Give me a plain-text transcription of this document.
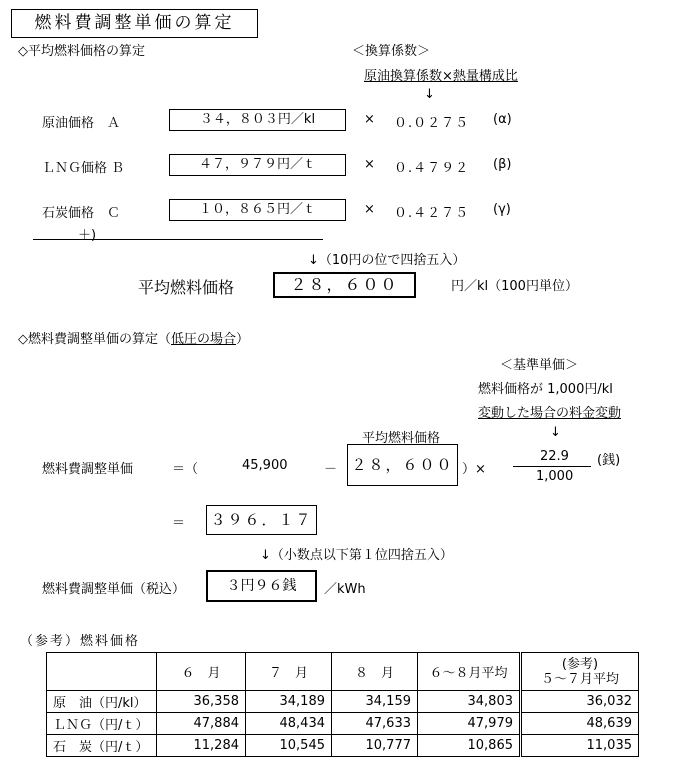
燃料費調整単価の算定
◇平均燃料価格の算定	＜換算係数＞
原油換算係数×熱量構成比
↓
原油価格　Ａ	３４，８０３円／kl	× ０.０２７５ (α)
ＬＮＧ価格 Ｂ	４７，９７９円／ｔ	× ０.４７９２ (β)
石炭価格　Ｃ	１０，８６５円／ｔ	× ０.４２７５ (γ)
＋)
↓（10円の位で四捨五入）
平均燃料価格	２８，６００	円／kl（100円単位）
◇燃料費調整単価の算定（低圧の場合）
＜基準単価＞
燃料価格が 1,000円/kl
変動した場合の料金変動
↓
平均燃料価格
燃料費調整単価	＝（	45,900	－ ２８，６００ ）×
22.9
1,000
(銭)
＝ ３９６．１７
↓（小数点以下第１位四捨五入）
燃料費調整単価（税込）	３円９６銭	／kWh
（参考）燃料価格
	６　月	７　月	８　月	６～８月平均	(参考)
５～７月平均

原　油（円/kl）	36,358	34,189	34,159	34,803	36,032
ＬＮＧ（円/ｔ）	47,884	48,434	47,633	47,979	48,639
石　炭（円/ｔ）	11,284	10,545	10,777	10,865	11,035
